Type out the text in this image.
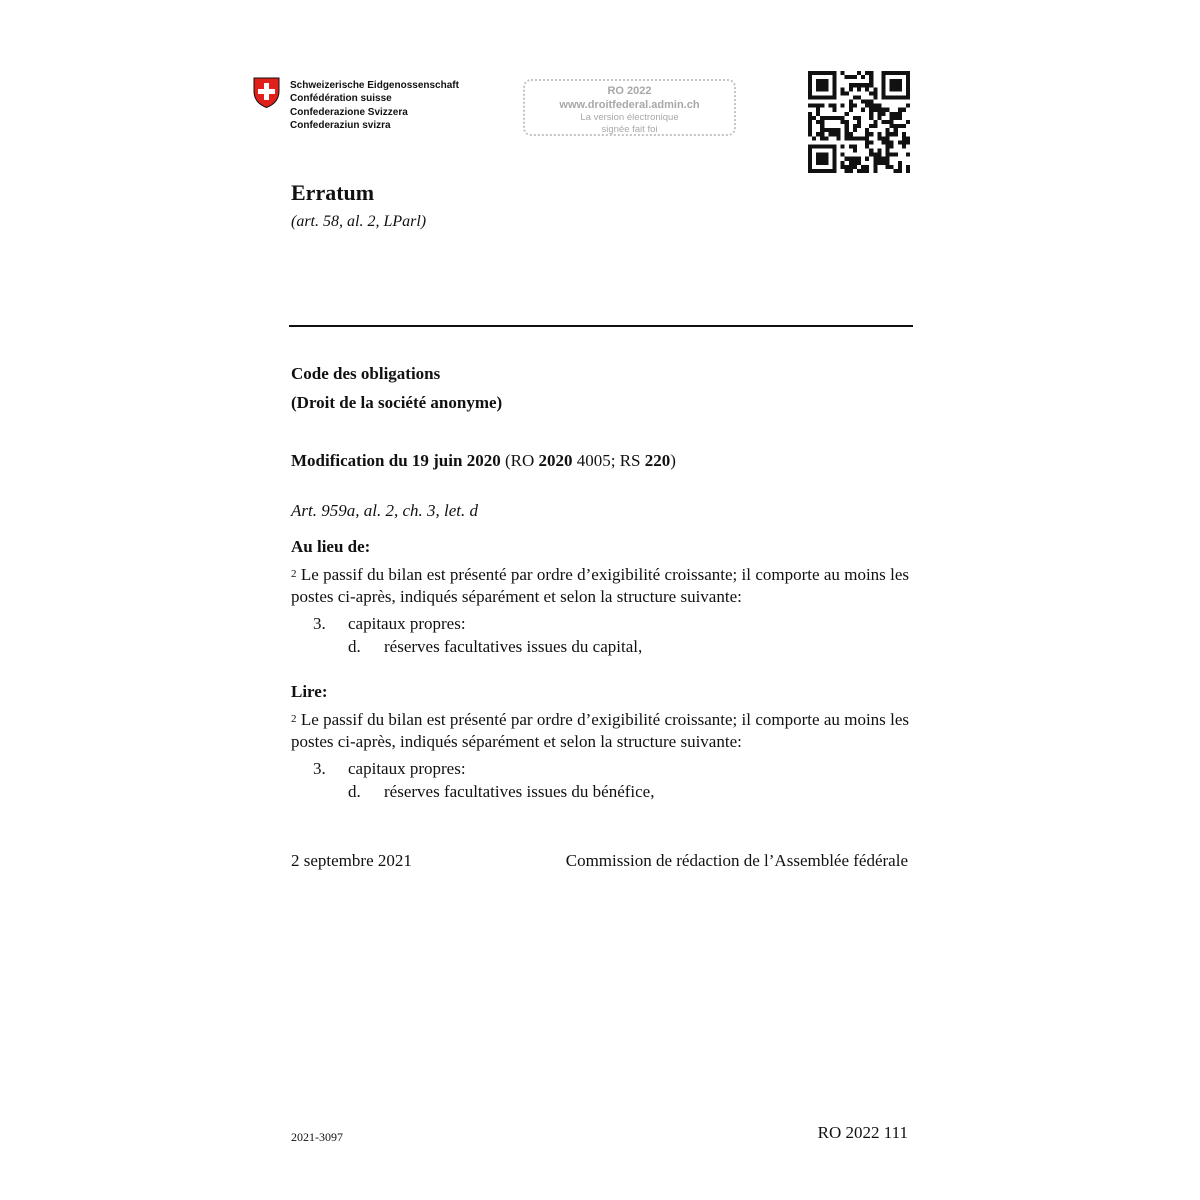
Schweizerische Eidgenossenschaft
Confédération suisse
Confederazione Svizzera
Confederaziun svizra
RO 2022
www.droitfederal.admin.ch
La version électronique
signée fait foi
Erratum
(art. 58, al. 2, LParl)
Code des obligations
(Droit de la société anonyme)
Modification du 19 juin 2020 (RO 2020 4005; RS 220)
Art. 959a, al. 2, ch. 3, let. d
Au lieu de:
$^2$ Le passif du bilan est présenté par ordre d’exigibilité croissante; il comporte au moins les postes ci-après, indiqués séparément et selon la structure suivante:
3. capitaux propres:
d. réserves facultatives issues du capital,
Lire:
$^2$ Le passif du bilan est présenté par ordre d’exigibilité croissante; il comporte au moins les postes ci-après, indiqués séparément et selon la structure suivante:
3. capitaux propres:
d. réserves facultatives issues du bénéfice,
2 septembre 2021	Commission de rédaction de l’Assemblée fédérale
2021-3097	RO 2022 111
